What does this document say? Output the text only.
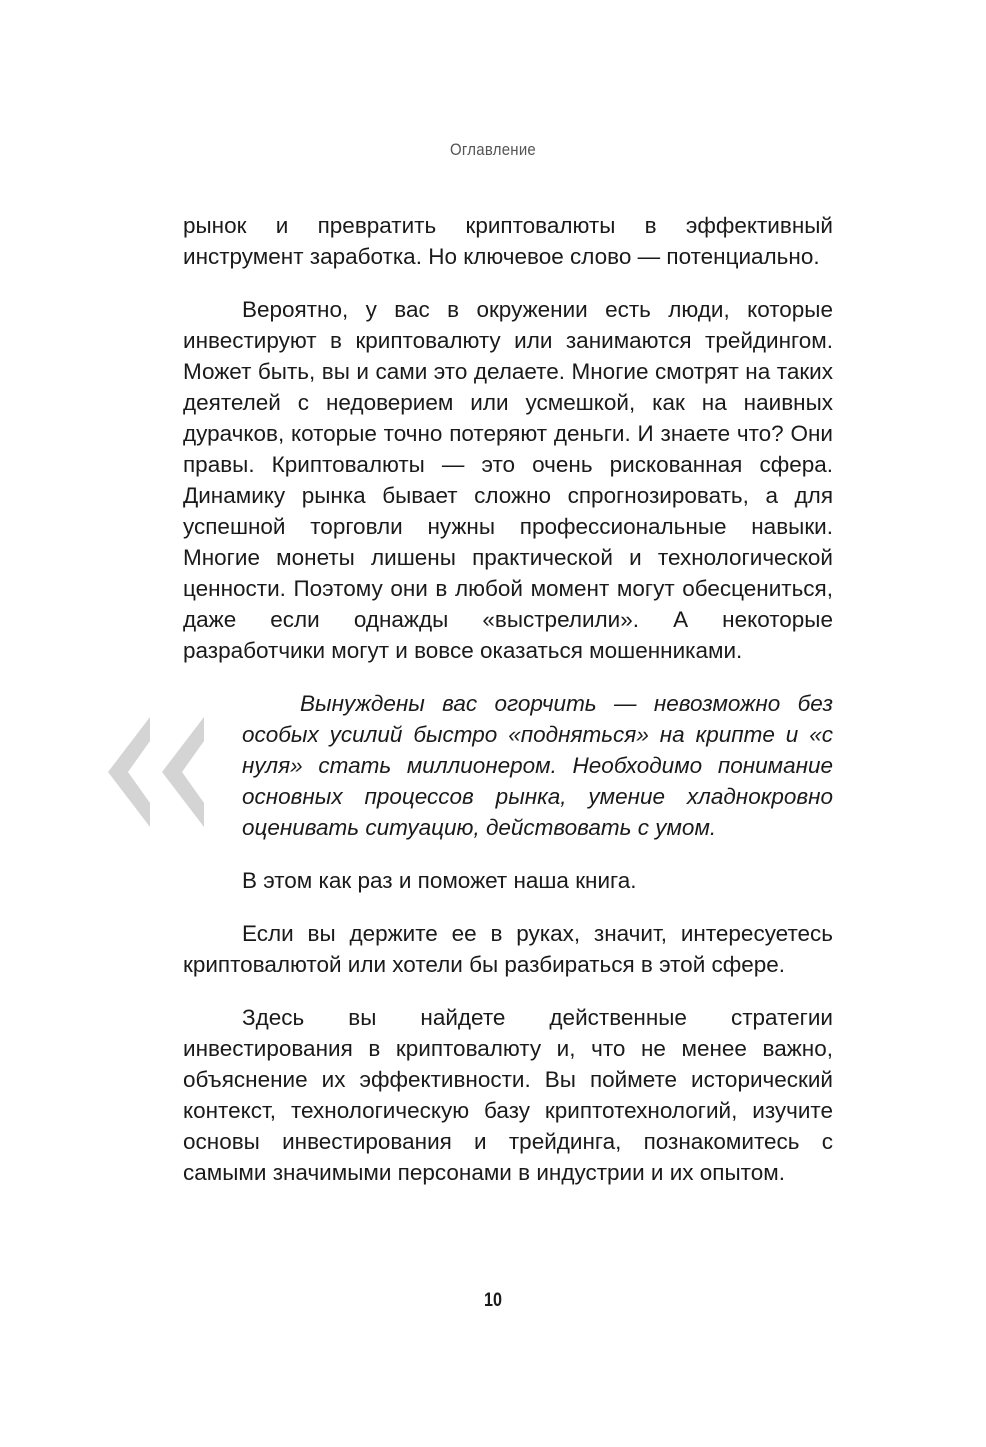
Оглавление

рынок и превратить криптовалюты в эффективный инструмент заработка. Но ключевое слово — потенциально.

Вероятно, у вас в окружении есть люди, которые инвестируют в криптовалюту или занимаются трейдингом. Может быть, вы и сами это делаете. Многие смотрят на таких деятелей с недоверием или усмешкой, как на наивных дурачков, которые точно потеряют деньги. И знаете что? Они правы. Криптовалюты — это очень рискованная сфера. Динамику рынка бывает сложно спрогнозировать, а для успешной торговли нужны профессиональные навыки. Многие монеты лишены практической и технологической ценности. Поэтому они в любой момент могут обесцениться, даже если однажды «выстрелили». А некоторые разработчики могут и вовсе оказаться мошенниками.

Вынуждены вас огорчить — невозможно без особых усилий быстро «подняться» на крипте и «с нуля» стать миллионером. Необходимо понимание основных процессов рынка, умение хладнокровно оценивать ситуацию, действовать с умом.

В этом как раз и поможет наша книга.

Если вы держите ее в руках, значит, интересуетесь криптовалютой или хотели бы разбираться в этой сфере.

Здесь вы найдете действенные стратегии инвестирования в криптовалюту и, что не менее важно, объяснение их эффективности. Вы поймете исторический контекст, технологическую базу криптотехнологий, изучите основы инвестирования и трейдинга, познакомитесь с самыми значимыми персонами в индустрии и их опытом.

10
